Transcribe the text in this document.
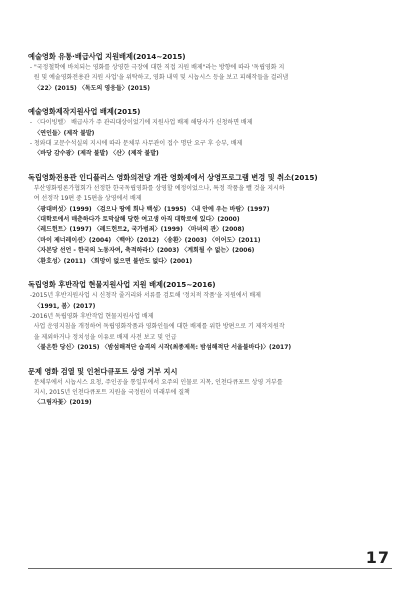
예술영화 유통·배급사업 지원배제(2014~2015)
- "국정철학에 바치되는 영화를 상영한 극장에 대한 직접 지원 배제"라는 방향에 따라 '독립영화 지
원 및 예술영화전용관 지원 사업'을 위탁하고, 영화 내역 및 시놉시스 등을 보고 피해작들을 걸러냄
〈22〉(2015) 〈독도의 영웅들〉(2015)
예술영화제작지원사업 배제(2015)
- 〈다이빙벨〉 배급사가 주 관리대상이었기에 지원사업 배제 해당사가 신청하면 배제
〈연인들〉(제작 불발)
- 청와대 교문수석실의 지시에 따라 문체부 사무관이 접수 명단 요구 후 승부, 배제
〈바당 감수광〉(제작 불발) 〈산〉(제작 불발)
독립영화전용관 인디플러스 영화의전당 개관 영화제에서 상영프로그램 변경 및 취소(2015)
부산영화평론가협회가 선정한 한국독립영화를 상영할 예정이었으나, 특정 작품을 뺄 것을 지시하
여 선정작 19편 중 15편을 상영에서 배제
〈광대버섯〉(1999) 〈검으나 땅에 희나 백성〉(1995) 〈내 안에 우는 바람〉(1997)
〈대학로에서 매춘하다가 토막살해 당한 여고생 아직 대학로에 있다〉(2000)
〈레드헌트〉(1997) 〈레드헌트2, 국가범죄〉(1999) 〈마녀의 관〉(2008)
〈마이 제너레이션〉(2004) 〈백야〉(2012) 〈송환〉(2003) 〈이어도〉(2011)
〈자본당 선언 - 한국의 노동자여, 축적하라!〉(2003) 〈계회될 수 없는〉(2006)
〈환호성〉(2011) 〈희망이 없으면 불안도 없다〉(2001)
독립영화 후반작업 현물지원사업 지원 배제(2015~2016)
-2015년 후반지원사업 시 신청작 줄거리와 서류를 검토해 '정치적 작품'을 지원에서 배제
〈1991, 봄〉(2017)
-2016년 독립영화 후반작업 현물지원사업 배제
사업 운영지침을 개정하여 독립영화작품과 영화인들에 대한 배제를 위한 방편으로 기 제작지원작
을 제외하거나 정치성을 이유로 배제 사전 보고 및 언급
〈불온한 당신〉(2015) 〈밤섬해적단 습격의 시작(최종제목: 밤섬해적단 서울불바다)〉(2017)
문제 영화 검열 및 인천다큐포트 상영 거부 지시
문체부에서 시놉시스 요청, 주인공을 통일부에서 요주의 인물로 지목, 인천다큐포트 상영 거부를
지시, 2015년 인천다큐포트 지원을 국정원이 미래부에 질책
〈그림자꽃〉(2019)
17
